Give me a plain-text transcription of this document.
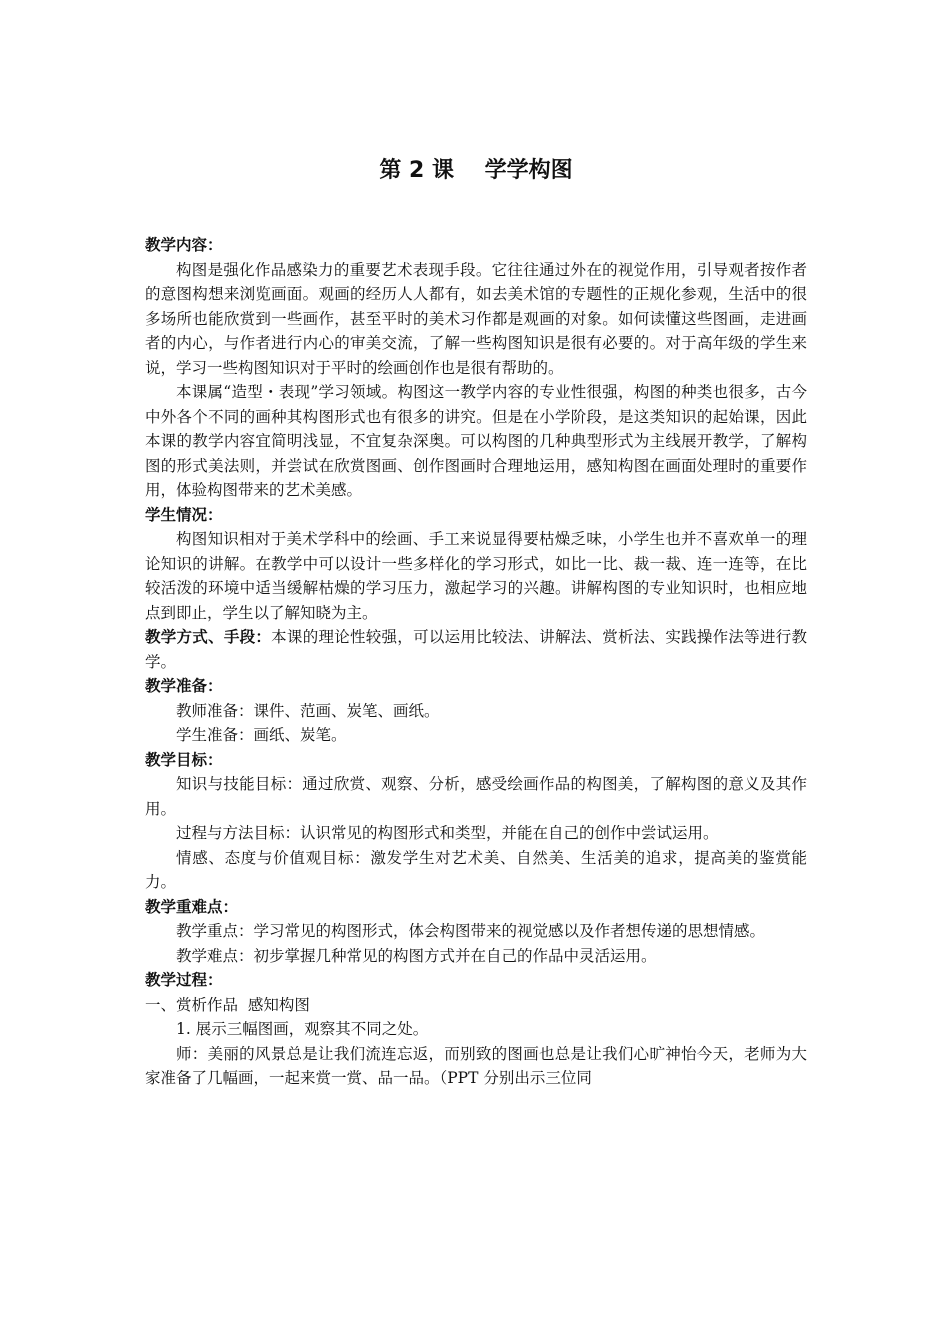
第 2 课    学学构图

教学内容：

构图是强化作品感染力的重要艺术表现手段。它往往通过外在的视觉作用，引导观者按作者的意图构想来浏览画面。观画的经历人人都有，如去美术馆的专题性的正规化参观，生活中的很多场所也能欣赏到一些画作，甚至平时的美术习作都是观画的对象。如何读懂这些图画，走进画者的内心，与作者进行内心的审美交流，了解一些构图知识是很有必要的。对于高年级的学生来说，学习一些构图知识对于平时的绘画创作也是很有帮助的。

本课属“造型・表现”学习领域。构图这一教学内容的专业性很强，构图的种类也很多，古今中外各个不同的画种其构图形式也有很多的讲究。但是在小学阶段，是这类知识的起始课，因此本课的教学内容宜简明浅显，不宜复杂深奥。可以构图的几种典型形式为主线展开教学，了解构图的形式美法则，并尝试在欣赏图画、创作图画时合理地运用，感知构图在画面处理时的重要作用，体验构图带来的艺术美感。

学生情况：

构图知识相对于美术学科中的绘画、手工来说显得要枯燥乏味，小学生也并不喜欢单一的理论知识的讲解。在教学中可以设计一些多样化的学习形式，如比一比、裁一裁、连一连等，在比较活泼的环境中适当缓解枯燥的学习压力，激起学习的兴趣。讲解构图的专业知识时，也相应地点到即止，学生以了解知晓为主。

教学方式、手段：本课的理论性较强，可以运用比较法、讲解法、赏析法、实践操作法等进行教学。

教学准备：

教师准备：课件、范画、炭笔、画纸。

学生准备：画纸、炭笔。

教学目标：

知识与技能目标：通过欣赏、观察、分析，感受绘画作品的构图美，了解构图的意义及其作用。

过程与方法目标：认识常见的构图形式和类型，并能在自己的创作中尝试运用。

情感、态度与价值观目标：激发学生对艺术美、自然美、生活美的追求，提高美的鉴赏能力。

教学重难点：

教学重点：学习常见的构图形式，体会构图带来的视觉感以及作者想传递的思想情感。

教学难点：初步掌握几种常见的构图方式并在自己的作品中灵活运用。

教学过程：

一、赏析作品  感知构图

1. 展示三幅图画，观察其不同之处。

师：美丽的风景总是让我们流连忘返，而别致的图画也总是让我们心旷神怡今天，老师为大家准备了几幅画，一起来赏一赏、品一品。（PPT 分别出示三位同
